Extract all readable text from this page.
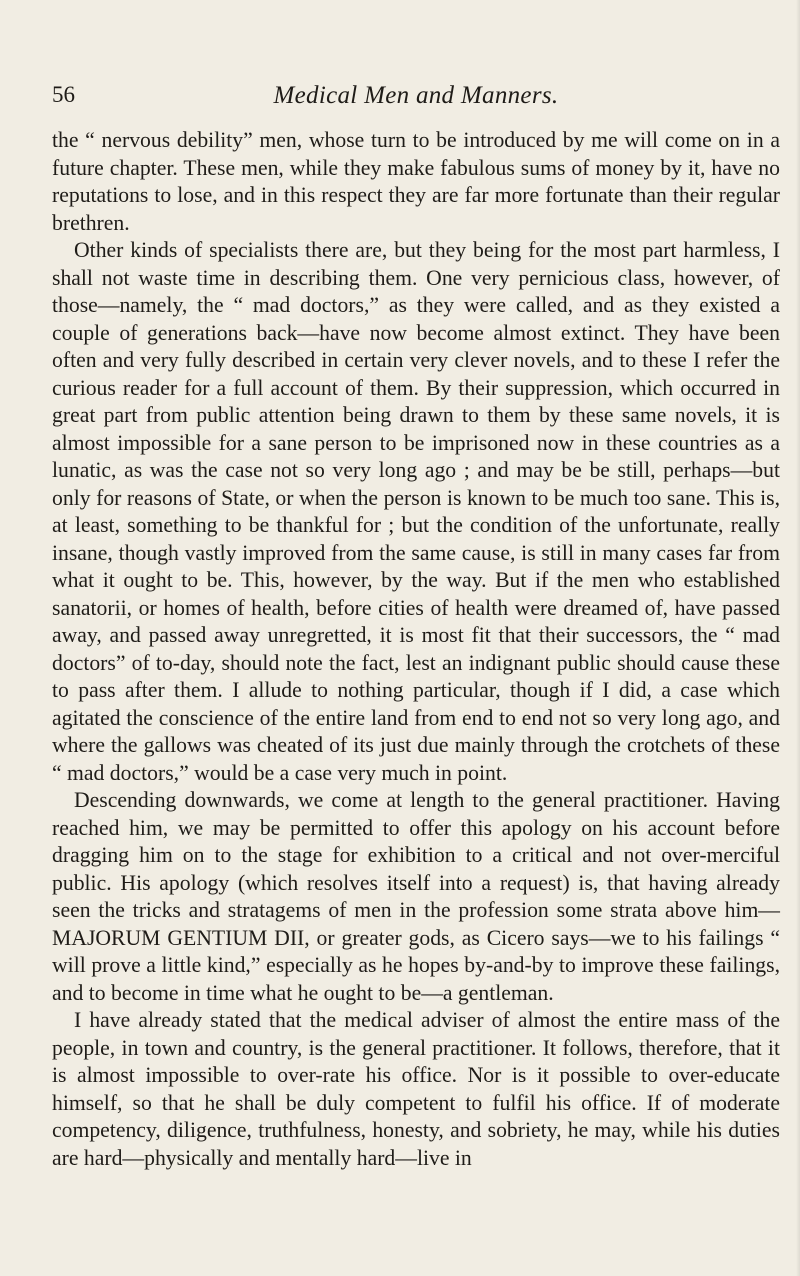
56	Medical Men and Manners.

the “ nervous debility” men, whose turn to be introduced by me will come on in a future chapter. These men, while they make fabulous sums of money by it, have no reputations to lose, and in this respect they are far more fortunate than their regular brethren.

Other kinds of specialists there are, but they being for the most part harmless, I shall not waste time in describing them. One very pernicious class, however, of those—namely, the “ mad doctors,” as they were called, and as they existed a couple of generations back—have now become almost extinct. They have been often and very fully described in certain very clever novels, and to these I refer the curious reader for a full account of them. By their suppression, which occurred in great part from public attention being drawn to them by these same novels, it is almost impossible for a sane person to be imprisoned now in these countries as a lunatic, as was the case not so very long ago ; and may be be still, perhaps—but only for reasons of State, or when the person is known to be much too sane. This is, at least, something to be thankful for ; but the condition of the unfortunate, really insane, though vastly improved from the same cause, is still in many cases far from what it ought to be. This, however, by the way. But if the men who established sanatorii, or homes of health, before cities of health were dreamed of, have passed away, and passed away unregretted, it is most fit that their successors, the “ mad doctors” of to-day, should note the fact, lest an indignant public should cause these to pass after them. I allude to nothing particular, though if I did, a case which agitated the conscience of the entire land from end to end not so very long ago, and where the gallows was cheated of its just due mainly through the crotchets of these “ mad doctors,” would be a case very much in point.

Descending downwards, we come at length to the general practitioner. Having reached him, we may be permitted to offer this apology on his account before dragging him on to the stage for exhibition to a critical and not over-merciful public. His apology (which resolves itself into a request) is, that having already seen the tricks and stratagems of men in the profession some strata above him—MAJORUM GENTIUM DII, or greater gods, as Cicero says—we to his failings “ will prove a little kind,” especially as he hopes by-and-by to improve these failings, and to become in time what he ought to be—a gentleman.

I have already stated that the medical adviser of almost the entire mass of the people, in town and country, is the general practitioner. It follows, therefore, that it is almost impossible to over-rate his office. Nor is it possible to over-educate himself, so that he shall be duly competent to fulfil his office. If of moderate competency, diligence, truthfulness, honesty, and sobriety, he may, while his duties are hard—physically and mentally hard—live in
